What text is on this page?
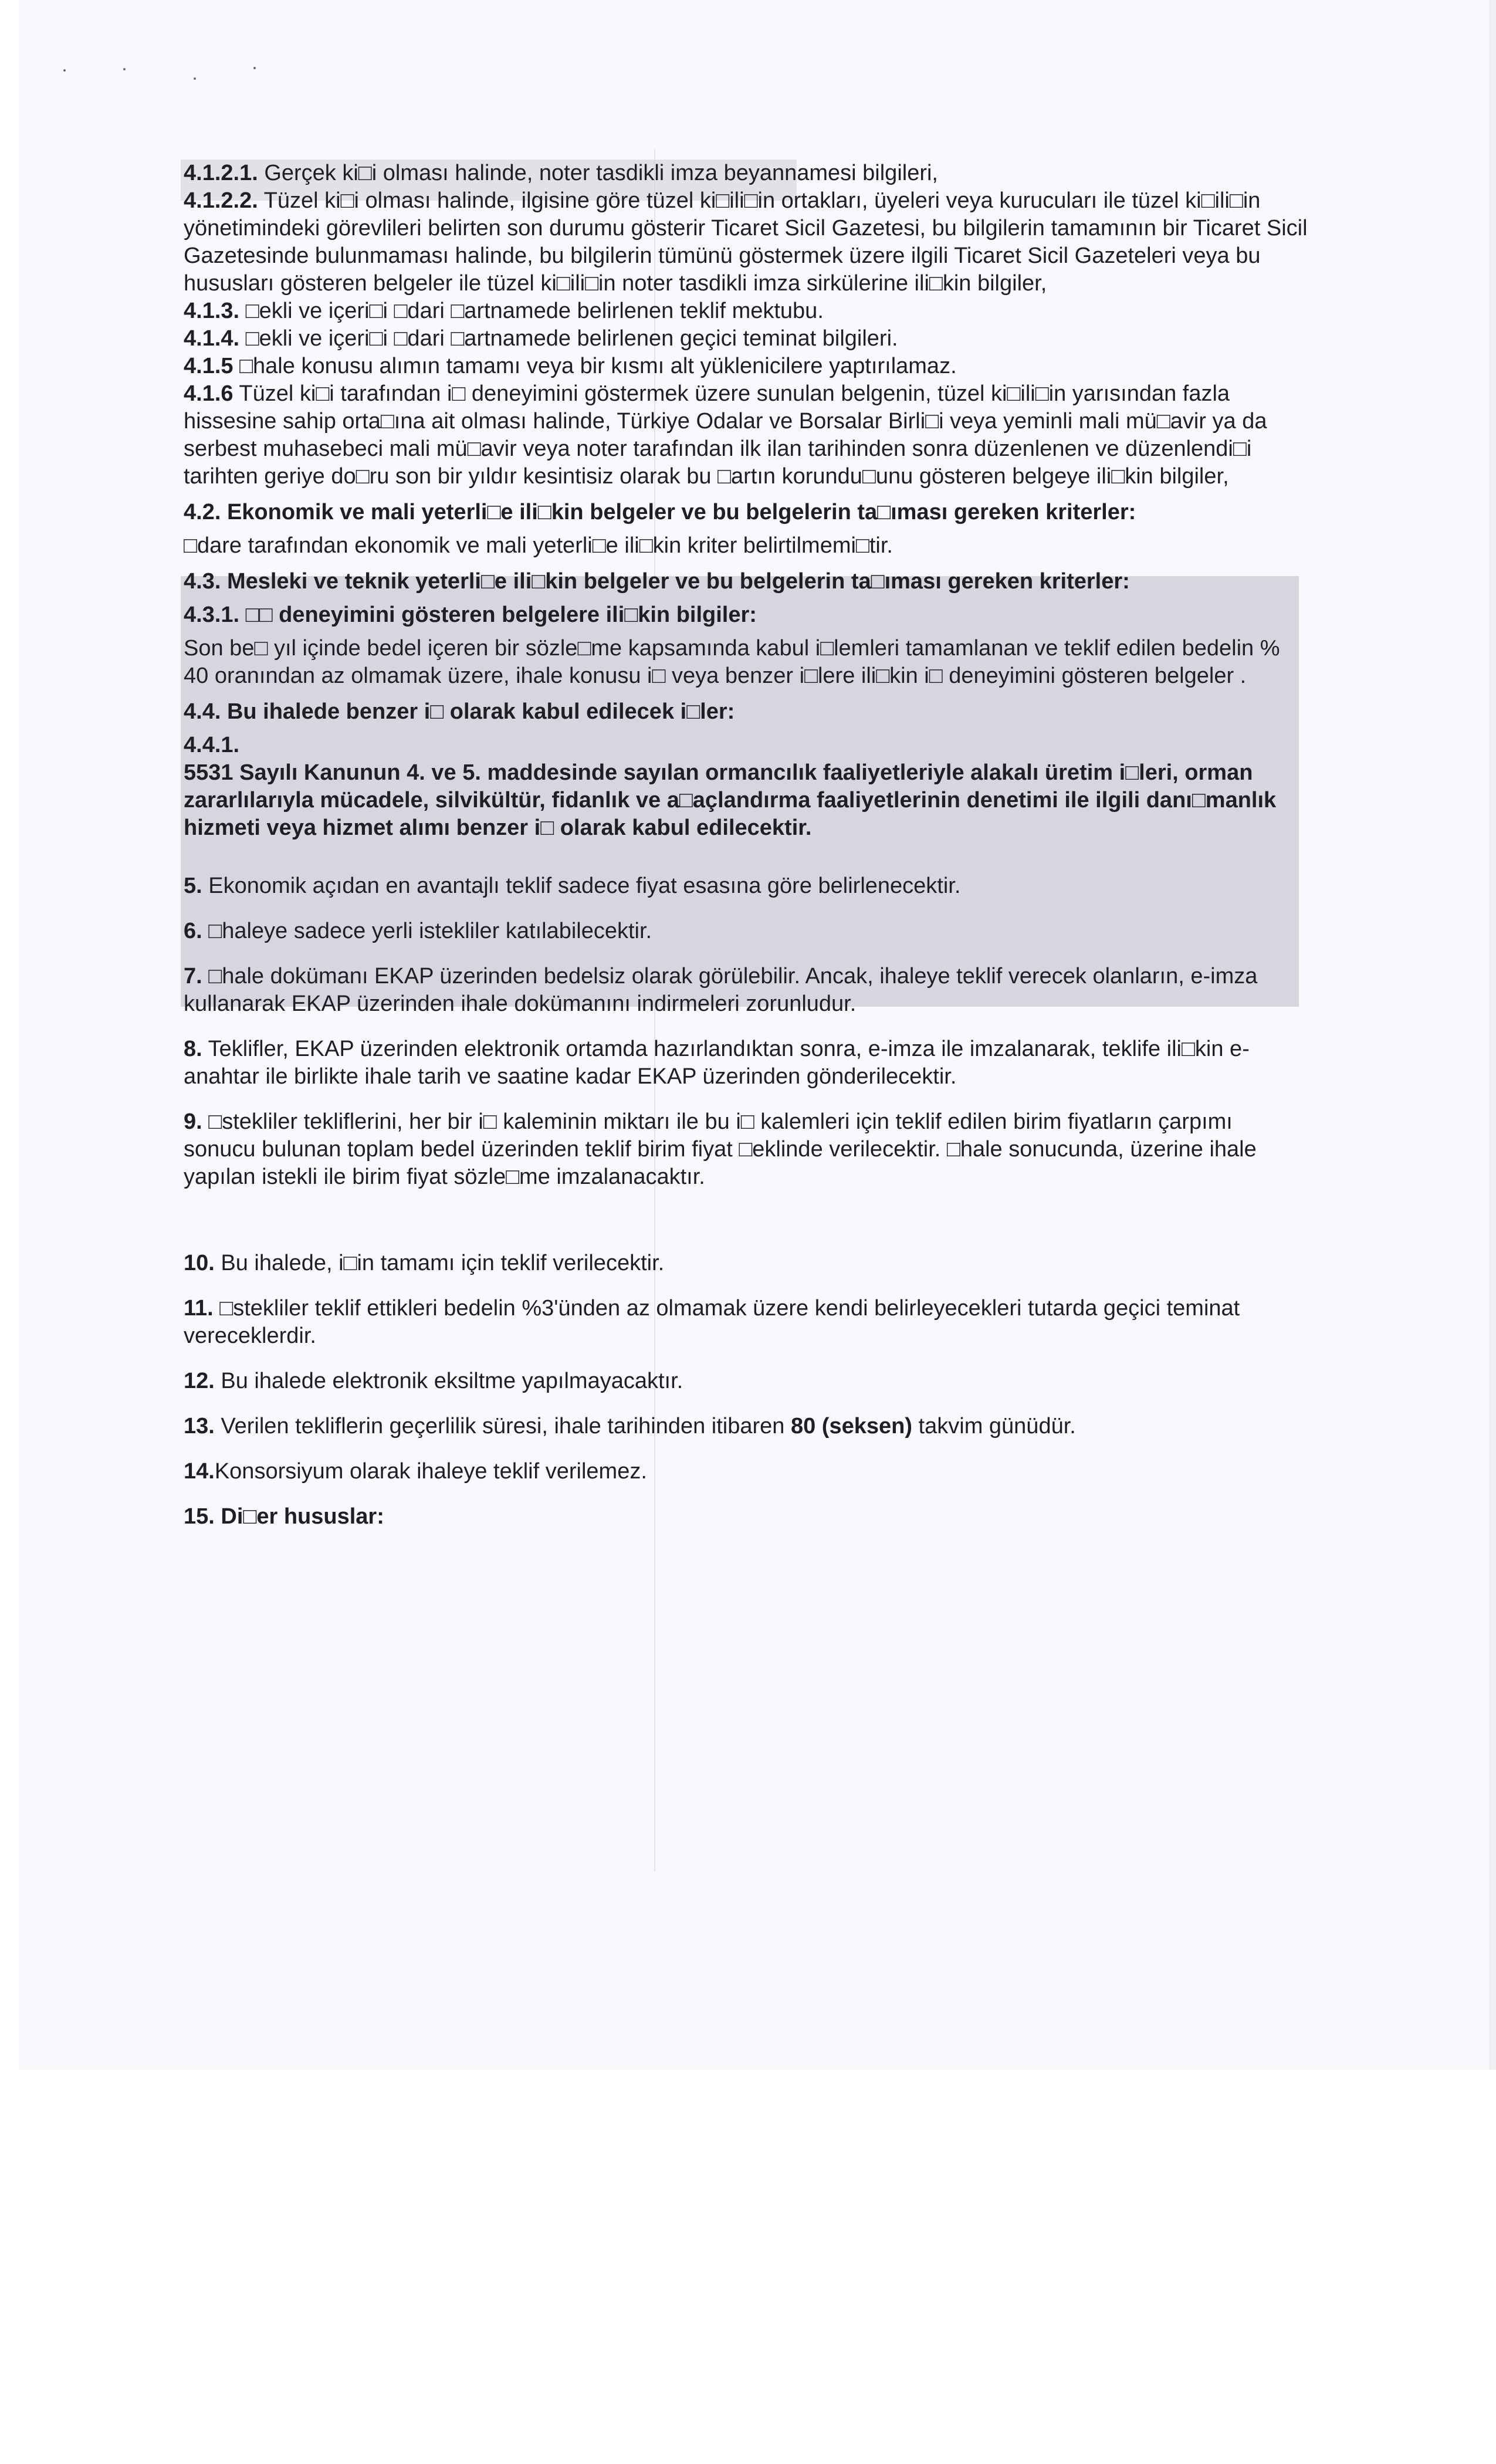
4.1.2.1. Gerçek ki□i olması halinde, noter tasdikli imza beyannamesi bilgileri,

4.1.2.2. Tüzel ki□i olması halinde, ilgisine göre tüzel ki□ili□in ortakları, üyeleri veya kurucuları ile tüzel ki□ili□in yönetimindeki görevlileri belirten son durumu gösterir Ticaret Sicil Gazetesi, bu bilgilerin tamamının bir Ticaret Sicil Gazetesinde bulunmaması halinde, bu bilgilerin tümünü göstermek üzere ilgili Ticaret Sicil Gazeteleri veya bu hususları gösteren belgeler ile tüzel ki□ili□in noter tasdikli imza sirkülerine ili□kin bilgiler,

4.1.3. □ekli ve içeri□i □dari □artnamede belirlenen teklif mektubu.

4.1.4. □ekli ve içeri□i □dari □artnamede belirlenen geçici teminat bilgileri.

4.1.5 □hale konusu alımın tamamı veya bir kısmı alt yüklenicilere yaptırılamaz.

4.1.6 Tüzel ki□i tarafından i□ deneyimini göstermek üzere sunulan belgenin, tüzel ki□ili□in yarısından fazla hissesine sahip orta□ına ait olması halinde, Türkiye Odalar ve Borsalar Birli□i veya yeminli mali mü□avir ya da serbest muhasebeci mali mü□avir veya noter tarafından ilk ilan tarihinden sonra düzenlenen ve düzenlendi□i tarihten geriye do□ru son bir yıldır kesintisiz olarak bu □artın korundu□unu gösteren belgeye ili□kin bilgiler,

4.2. Ekonomik ve mali yeterli□e ili□kin belgeler ve bu belgelerin ta□ıması gereken kriterler:

□dare tarafından ekonomik ve mali yeterli□e ili□kin kriter belirtilmemi□tir.

4.3. Mesleki ve teknik yeterli□e ili□kin belgeler ve bu belgelerin ta□ıması gereken kriterler:

4.3.1. □□ deneyimini gösteren belgelere ili□kin bilgiler:

Son be□ yıl içinde bedel içeren bir sözle□me kapsamında kabul i□lemleri tamamlanan ve teklif edilen bedelin % 40 oranından az olmamak üzere, ihale konusu i□ veya benzer i□lere ili□kin i□ deneyimini gösteren belgeler .

4.4. Bu ihalede benzer i□ olarak kabul edilecek i□ler:

4.4.1.

5531 Sayılı Kanunun 4. ve 5. maddesinde sayılan ormancılık faaliyetleriyle alakalı üretim i□leri, orman zararlılarıyla mücadele, silvikültür, fidanlık ve a□açlandırma faaliyetlerinin denetimi ile ilgili danı□manlık hizmeti veya hizmet alımı benzer i□ olarak kabul edilecektir.

5. Ekonomik açıdan en avantajlı teklif sadece fiyat esasına göre belirlenecektir.

6. □haleye sadece yerli istekliler katılabilecektir.

7. □hale dokümanı EKAP üzerinden bedelsiz olarak görülebilir. Ancak, ihaleye teklif verecek olanların, e-imza kullanarak EKAP üzerinden ihale dokümanını indirmeleri zorunludur.

8. Teklifler, EKAP üzerinden elektronik ortamda hazırlandıktan sonra, e-imza ile imzalanarak, teklife ili□kin e-anahtar ile birlikte ihale tarih ve saatine kadar EKAP üzerinden gönderilecektir.

9. □stekliler tekliflerini, her bir i□ kaleminin miktarı ile bu i□ kalemleri için teklif edilen birim fiyatların çarpımı sonucu bulunan toplam bedel üzerinden teklif birim fiyat □eklinde verilecektir. □hale sonucunda, üzerine ihale yapılan istekli ile birim fiyat sözle□me imzalanacaktır.

10. Bu ihalede, i□in tamamı için teklif verilecektir.

11. □stekliler teklif ettikleri bedelin %3'ünden az olmamak üzere kendi belirleyecekleri tutarda geçici teminat vereceklerdir.

12. Bu ihalede elektronik eksiltme yapılmayacaktır.

13. Verilen tekliflerin geçerlilik süresi, ihale tarihinden itibaren 80 (seksen) takvim günüdür.

14.Konsorsiyum olarak ihaleye teklif verilemez.

15. Di□er hususlar:
